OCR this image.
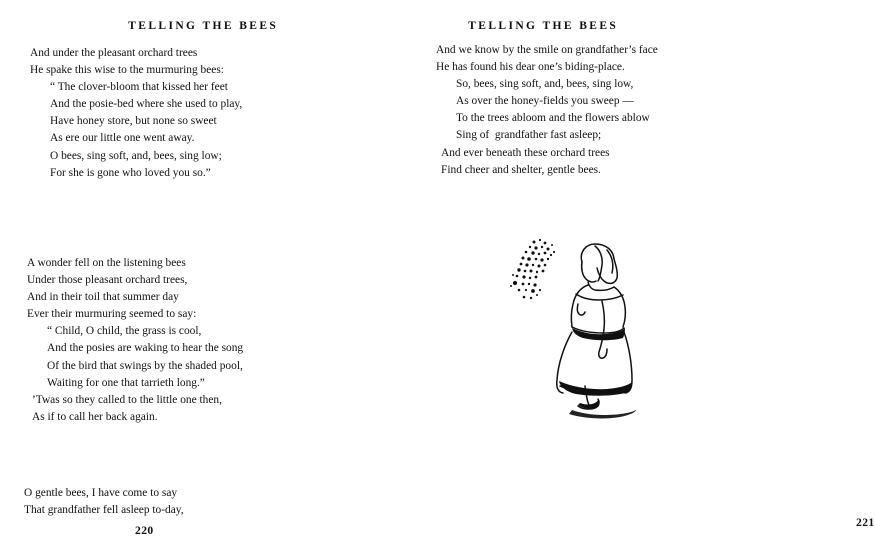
TELLING THE BEES
And under the pleasant orchard trees
He spake this wise to the murmuring bees:
“ The clover-bloom that kissed her feet
And the posie-bed where she used to play,
Have honey store, but none so sweet
As ere our little one went away.
O bees, sing soft, and, bees, sing low;
For she is gone who loved you so.”
A wonder fell on the listening bees
Under those pleasant orchard trees,
And in their toil that summer day
Ever their murmuring seemed to say:
“ Child, O child, the grass is cool,
And the posies are waking to hear the song
Of the bird that swings by the shaded pool,
Waiting for one that tarrieth long.”
’Twas so they called to the little one then,
As if to call her back again.
O gentle bees, I have come to say
That grandfather fell asleep to-day,
220
TELLING THE BEES
And we know by the smile on grandfather’s face
He has found his dear one’s biding-place.
So, bees, sing soft, and, bees, sing low,
As over the honey-fields you sweep —
To the trees abloom and the flowers ablow
Sing of  grandfather fast asleep;
And ever beneath these orchard trees
Find cheer and shelter, gentle bees.
221
